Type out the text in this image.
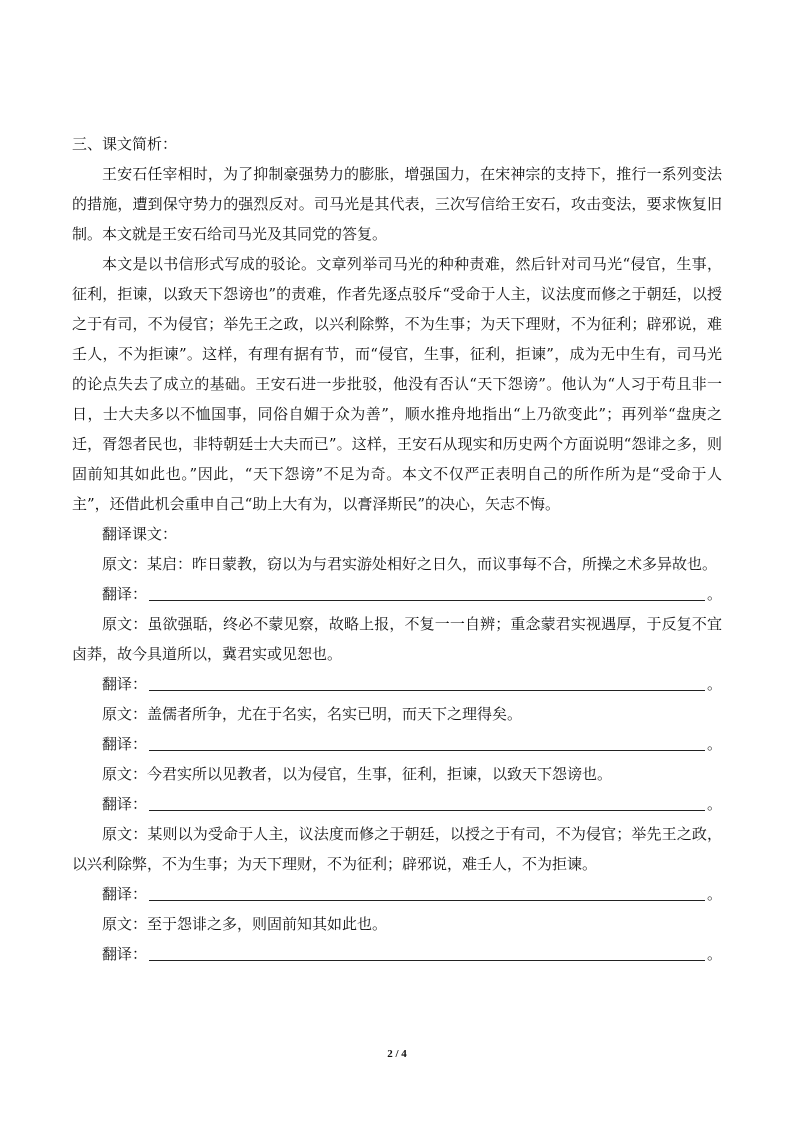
三、课文简析：

王安石任宰相时，为了抑制豪强势力的膨胀，增强国力，在宋神宗的支持下，推行一系列变法的措施，遭到保守势力的强烈反对。司马光是其代表，三次写信给王安石，攻击变法，要求恢复旧制。本文就是王安石给司马光及其同党的答复。

本文是以书信形式写成的驳论。文章列举司马光的种种责难，然后针对司马光“侵官，生事，征利，拒谏，以致天下怨谤也”的责难，作者先逐点驳斥“受命于人主，议法度而修之于朝廷，以授之于有司，不为侵官；举先王之政，以兴利除弊，不为生事；为天下理财，不为征利；辟邪说，难壬人，不为拒谏”。这样，有理有据有节，而“侵官，生事，征利，拒谏”，成为无中生有，司马光的论点失去了成立的基础。王安石进一步批驳，他没有否认“天下怨谤”。他认为“人习于苟且非一日，士大夫多以不恤国事，同俗自媚于众为善”，顺水推舟地指出“上乃欲变此”；再列举“盘庚之迁，胥怨者民也，非特朝廷士大夫而已”。这样，王安石从现实和历史两个方面说明“怨诽之多，则固前知其如此也。”因此，“天下怨谤”不足为奇。本文不仅严正表明自己的所作所为是“受命于人主”，还借此机会重申自己“助上大有为，以膏泽斯民”的决心，矢志不悔。

翻译课文：

原文：某启：昨日蒙教，窃以为与君实游处相好之日久，而议事每不合，所操之术多异故也。

翻译：	。

原文：虽欲强聒，终必不蒙见察，故略上报，不复一一自辨；重念蒙君实视遇厚，于反复不宜卤莽，故今具道所以，冀君实或见恕也。

翻译：	。

原文：盖儒者所争，尤在于名实，名实已明，而天下之理得矣。

翻译：	。

原文：今君实所以见教者，以为侵官，生事，征利，拒谏，以致天下怨谤也。

翻译：	。

原文：某则以为受命于人主，议法度而修之于朝廷，以授之于有司，不为侵官；举先王之政，以兴利除弊，不为生事；为天下理财，不为征利；辟邪说，难壬人，不为拒谏。

翻译：	。

原文：至于怨诽之多，则固前知其如此也。

翻译：	。
2 / 4
